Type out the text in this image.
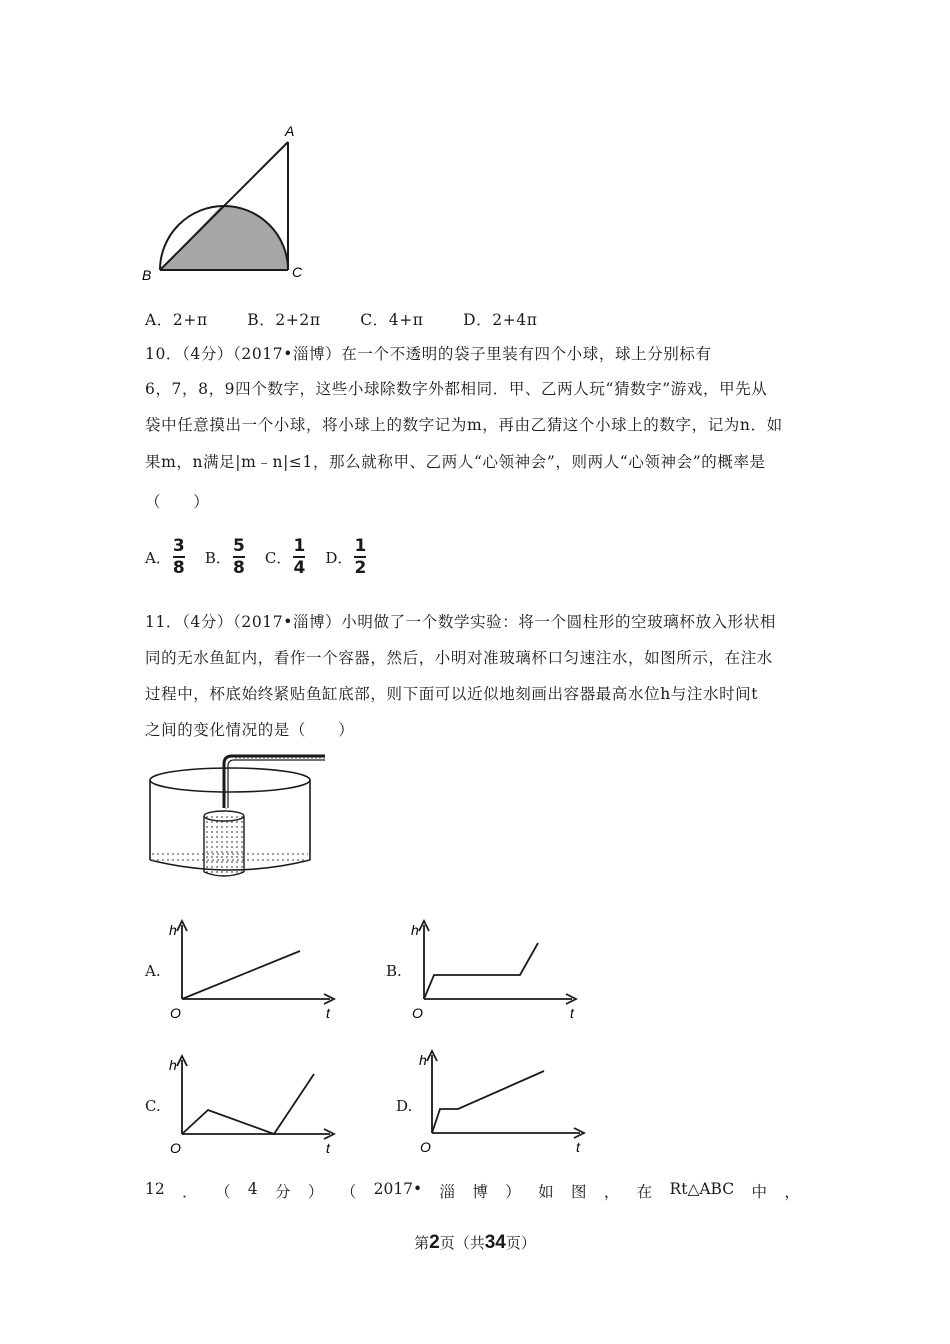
A
B	C
A．2+π	B．2+2π	C．4+π	D．2+4π
10．（4分）（2017•淄博）在一个不透明的袋子里装有四个小球，球上分别标有
6，7，8，9四个数字，这些小球除数字外都相同．甲、乙两人玩“猜数字”游戏，甲先从
袋中任意摸出一个小球，将小球上的数字记为m，再由乙猜这个小球上的数字，记为n．如
果m，n满足|m﹣n|≤1，那么就称甲、乙两人“心领神会”，则两人“心领神会”的概率是
（　　）
A． $\frac{3}{8}$ B． $\frac{5}{8}$ C． $\frac{1}{4}$ D． $\frac{1}{2}$
11．（4分）（2017•淄博）小明做了一个数学实验：将一个圆柱形的空玻璃杯放入形状相
同的无水鱼缸内，看作一个容器，然后，小明对准玻璃杯口匀速注水，如图所示，在注水
过程中，杯底始终紧贴鱼缸底部，则下面可以近似地刻画出容器最高水位h与注水时间t
之间的变化情况的是（　　）
A.
h
t
O
B.
h
t
O
C.
h
t
O
D.
h
t
O
12 ． （ 4 分 ） （ 2017• 淄 博 ） 如 图 ， 在 Rt△ABC 中 ，
第2页（共34页）
